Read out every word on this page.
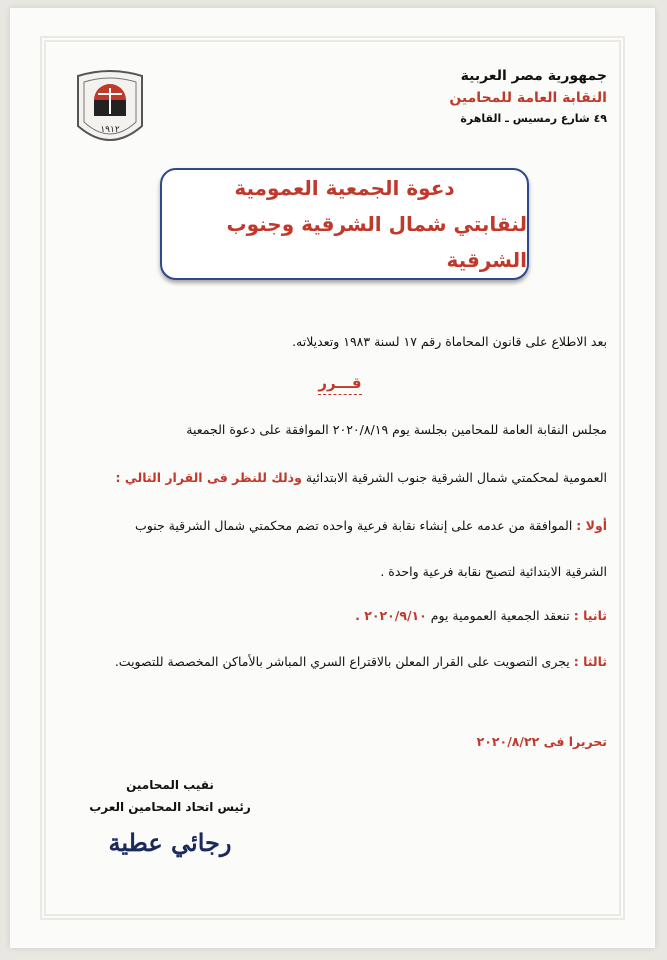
جمهورية مصر العربية
النقابة العامة للمحامين
٤٩ شارع رمسيس ـ القاهرة
١٩١٢
دعوة الجمعية العمومية
لنقابتي شمال الشرقية وجنوب الشرقية
بعد الاطلاع على قانون المحاماة رقم ١٧ لسنة ١٩٨٣ وتعديلاته.
قـــرر
مجلس النقابة العامة للمحامين بجلسة يوم ٢٠٢٠/٨/١٩ الموافقة على دعوة الجمعية
العمومية لمحكمتي شمال الشرقية جنوب الشرقية الابتدائية وذلك للنظر فى القرار التالي :
أولا : الموافقة من عدمه على إنشاء نقابة فرعية واحده تضم محكمتي شمال الشرقية جنوب
الشرقية الابتدائية لتصبح نقابة فرعية واحدة .
ثانيا : تنعقد الجمعية العمومية يوم ٢٠٢٠/٩/١٠ .
ثالثا : يجرى التصويت على القرار المعلن بالاقتراع السري المباشر بالأماكن المخصصة للتصويت.
تحريرا فى ٢٠٢٠/٨/٢٢
نقيب المحامين
رئيس اتحاد المحامين العرب
رجائي عطية
